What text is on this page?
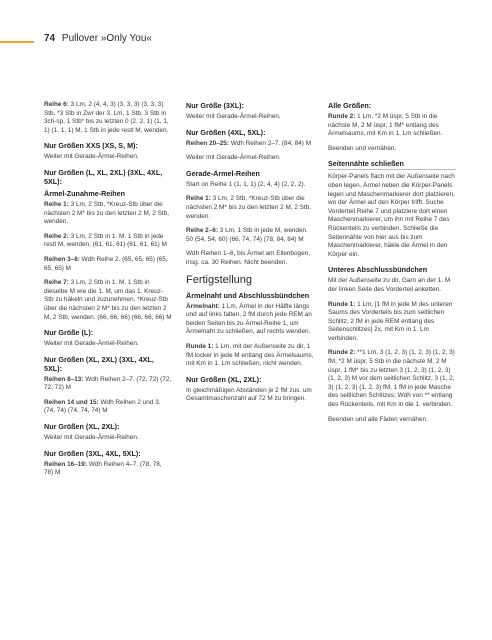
74 Pullover »Only You«
Reihe 6: 3 Lm, 2 (4, 4, 3) (3, 3, 3) (3, 3, 3) Stb, *3 Stb in Zwr der 3. Lm, 1 Stb, 3 Stb in 3ch-sp, 1 Stb* bis zu letzten 0 (2, 2, 1) (1, 1, 1) (1, 1, 1) M, 1 Stb in jede restl M, wenden.
Nur Größen XXS (XS, S, M):
Weiter mit Gerade-Ärmel-Reihen.
Nur Größen (L, XL, 2XL) (3XL, 4XL, 5XL):
Ärmel-Zunahme-Reihen
Reihe 1: 3 Lm, 2 Stb, *Kreuz-Stb über die nächsten 2 M* bis zu den letzten 2 M, 2 Stb, wenden.
Reihe 2: 3 Lm, 2 Stb in 1. M, 1 Stb in jede restl M, wenden. (61, 61, 61) (61, 61, 61) M
Reihen 3–6: Wdh Reihe 2. (65, 65, 65) (65, 65, 65) M
Reihe 7: 3 Lm, 2 Stb in 1. M, 1 Stb in dieselbe M wie die 1. M, um das 1. Kreuz-Stb zu häkeln und zuzunehmen, *Kreuz-Stb über die nächsten 2 M* bis zu den letzten 2 M, 2 Stb, wenden. (66, 66, 66) (66, 66, 66) M
Nur Größe (L):
Weiter mit Gerade-Ärmel-Reihen.
Nur Größen (XL, 2XL) (3XL, 4XL, 5XL):
Reihen 8–13: Wdh Reihen 2–7. (72, 72) (72, 72, 72) M
Reihen 14 und 15: Wdh Reihen 2 und 3. (74, 74) (74, 74, 74) M
Nur Größen (XL, 2XL):
Weiter mit Gerade-Ärmel-Reihen.
Nur Größen (3XL, 4XL, 5XL):
Reihen 16–19: Wdh Reihen 4–7. (78, 78, 78) M
Nur Größe (3XL):
Weiter mit Gerade-Ärmel-Reihen.
Nur Größen (4XL, 5XL):
Reihen 20–25: Wdh Reihen 2–7. (84, 84) M
Weiter mit Gerade-Ärmel-Reihen.
Gerade-Ärmel-Reihen
Start on Reihe 1 (1, 1, 1) (2, 4, 4) (2, 2, 2).
Reihe 1: 3 Lm, 2 Stb, *Kreuz-Stb über die nächsten 2 M* bis zu den letzten 2 M, 2 Stb, wenden.
Reihe 2–6: 3 Lm, 1 Stb in jede M, wenden. 50 (54, 54, 60) (66, 74, 74) (78, 84, 84) M
Wdh Reihen 1–6, bis Ärmel am Ellenbogen, insg. ca. 30 Reihen. Nicht beenden.
Fertigstellung
Ärmelnaht und Abschlussbündchen
Ärmelnaht: 1 Lm, Ärmel in der Hälfte längs und auf links falten, 2 fM durch jede REM an beiden Seiten bis zu Ärmel-Reihe 1, um Ärmelnaht zu schließen, auf rechts wenden.
Runde 1: 1 Lm, mit der Außenseite zu dir, 1 fM locker in jede M entlang des Ärmelsaums, mit Km in 1. Lm schließen, nicht wenden.
Nur Größen (XL, 2XL):
In gleichmäßigen Abständen je 2 fM zus. um Gesamtmaschenzahl auf 72 M zu bringen.
Alle Größen:
Runde 2: 1 Lm, *2 M üspr, 5 Stb in die nächste M, 2 M üspr, 1 fM* entlang des Ärmelsaums, mit Km in 1. Lm schließen.
Beenden und vernähen.
Seitennähte schließen
Körper-Panels flach mit der Außenseite nach oben legen. Ärmel neben die Körper-Panels legen und Maschenmarkierer dort platzieren, wo der Ärmel auf den Körper trifft. Suche Vorderteil Reihe 7 und platziere dort einen Maschenmarkierer, um ihn mit Reihe 7 des Rückenteils zu verbinden. Schließe die Seitennähte von hier aus bis zum Maschenmarkierer, häkle die Ärmel in den Körper ein.
Unteres Abschlussbündchen
Mit der Außenseite zu dir, Garn an der 1. M der linken Seite des Vorderteil anketten.
Runde 1: 1 Lm, [1 fM in jede M des unteren Saums des Vorderteils bis zum seitlichen Schlitz, 2 fM in jede REM entlang des Seitenschlitzes] 2x, mit Km in 1. Lm verbinden.
Runde 2: **1 Lm, 3 (1, 2, 3) (1, 2, 3) (1, 2, 3) fM, *2 M üspr, 5 Stb in die nächste M, 2 M üspr, 1 fM* bis zu letzten 3 (1, 2, 3) (1, 2, 3) (1, 2, 3) M vor dem seitlichen Schlitz, 3 (1, 2, 3) (1, 2, 3) (1, 2, 3) fM, 1 fM in jede Masche des seitlichen Schlitzes; Wdh von ** entlang des Rückenteils, mit Km in die 1. verbinden.
Beenden und alle Fäden vernähen.
